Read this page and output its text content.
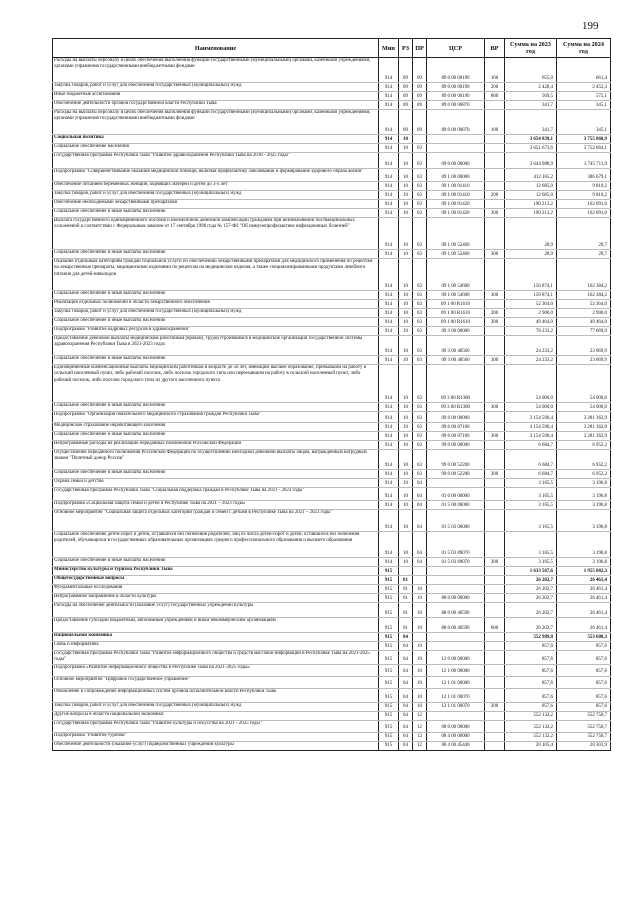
199
Наименование	Мин	РЗ	ПР	ЦСР	ВР	Сумма на 2023 год	Сумма на 2024 год
Расходы на выплаты персоналу в целях обеспечения выполнения функций государственными (муниципальными) органами, казенными учреждениями, органами управления государственными внебюджетными фондами	914	09	09	89 0 00 00190	100	655,0	661,4
Закупка товаров, работ и услуг для обеспечения государственных (муниципальных) нужд	914	09	09	89 0 00 00190	200	2 428,4	2 452,3
Иные бюджетные ассигнования	914	09	09	89 0 00 00190	800	569,5	575,1
Обеспечение деятельности органов государственной власти Республики Тыва	914	09	09	89 0 00 00870		341,7	345,1
Расходы на выплаты персоналу в целях обеспечения выполнения функций государственными (муниципальными) органами, казенными учреждениями, органами управления государственными внебюджетными фондами	914	09	09	89 0 00 00870	100	341,7	345,1
Социальная политика	914	10				3 654 839,1	3 755 860,9
Социальное обеспечение населения	914	10	03			3 651 673,6	3 752 664,1
Государственная программа Республики Тыва "Развитие здравоохранения Республики Тыва на 2018 - 2025 годы"	914	10	03	09 0 00 00000		3 644 988,9	3 745 711,9
Подпрограмма "Совершенствование оказания медицинской помощи, включая профилактику заболеваний и формирование здорового образа жизни"	914	10	03	09 1 00 00000		412 165,2	386 679,1
Обеспечение питанием беременных женщин, кормящих матерей и детей до 3-х лет	914	10	03	09 1 00 01410		12 685,0	9 810,2
Закупка товаров, работ и услуг для обеспечения государственных (муниципальных) нужд	914	10	03	09 1 00 01410	200	12 685,0	9 810,2
Обеспечение необходимыми лекарственными препаратами	914	10	03	09 1 00 01420		190 213,2	162 091,0
Социальное обеспечение и иные выплаты населению	914	10	03	09 1 00 01420	300	190 213,2	162 091,0
Выплата государственного единовременного пособия и ежемесячной денежной компенсации гражданам при возникновении поствакцинальных осложнений в соответствии с Федеральным законом от 17 сентября 1998 года № 157-ФЗ "Об иммунопрофилактике инфекционных болезней"	914	10	03	09 1 00 52400		28,9	29,7
Социальное обеспечение и иные выплаты населению	914	10	03	09 1 00 52400	300	28,9	29,7
Оказание отдельным категориям граждан социальной услуги по обеспечению лекарственными препаратами для медицинского применения по рецептам на лекарственные препараты, медицинскими изделиями по рецептам на медицинские изделия, а также специализированными продуктами лечебного питания для детей-инвалидов	914	10	03	09 1 00 54600		156 874,1	162 384,2
Социальное обеспечение и иные выплаты населению	914	10	03	09 1 00 54600	300	156 874,1	162 384,2
Реализация отдельных полномочий в области лекарственного обеспечения	914	10	03	09 1 00 R1610		52 364,0	52 364,0
Закупка товаров, работ и услуг для обеспечения государственных (муниципальных) нужд	914	10	03	09 1 00 R1610	200	2 900,0	2 900,0
Социальное обеспечение и иные выплаты населению	914	10	03	09 1 00 R1610	300	49 464,0	49 464,0
Подпрограмма "Развитие кадровых ресурсов в здравоохранении"	914	10	03	09 3 00 00000		78 233,2	77 669,9
Предоставление денежной выплаты медицинским работникам (врачам), трудоустроившимся в медицинские организации государственной системы здравоохранения Республики Тыва в 2021-2023 годах	914	10	03	09 3 00 48560		24 233,2	23 669,9
Социальное обеспечение и иные выплаты населению	914	10	03	09 3 00 48560	300	24 233,2	23 669,9
Единовременные компенсационные выплаты медицинским работникам в возрасте до 50 лет, имеющим высшее образование, прибывшим на работу в сельский населенный пункт, либо рабочий поселок, либо поселок городского типа или переехавшим на работу в сельский населенный пункт, либо рабочий поселок, либо поселок городского типа из другого населенного пункта	914	10	03	09 3 00 R1380		54 000,0	54 000,0
Социальное обеспечение и иные выплаты населению	914	10	03	09 3 00 R1380	300	54 000,0	54 000,0
Подпрограмма "Организация обязательного медицинского страхования граждан Республики Тыва"	914	10	03	09 6 00 00000		3 154 590,4	3 281 362,9
Медицинское страхование неработающего населения	914	10	03	09 6 00 87100		3 154 590,4	3 281 362,9
Социальное обеспечение и иные выплаты населению	914	10	03	09 6 00 87100	300	3 154 590,4	3 281 362,9
Непрограммные расходы на реализацию переданных полномочий Российской Федерации	914	10	03	99 0 00 00000		6 684,7	6 952,2
Осуществление переданного полномочия Российской Федерации по осуществлению ежегодной денежной выплаты лицам, награжденным нагрудным знаком "Почетный донор России"	914	10	03	99 0 00 52200		6 684,7	6 952,2
Социальное обеспечение и иные выплаты населению	914	10	03	99 0 00 52200	300	6 684,7	6 952,2
Охрана семьи и детства	914	10	04			3 165,5	3 196,8
Государственная программа Республики Тыва "Социальная поддержка граждан в Республике Тыва на 2021 - 2023 годы"	914	10	04	01 0 00 00000		3 165,5	3 196,8
Подпрограмма «Социальная защита семьи и детей в Республике Тыва на 2021 – 2023 годы»	914	10	04	01 5 00 00000		3 165,5	3 196,8
Основное мероприятие "Социальная защита отдельных категорий граждан и семей с детьми в Республике Тыва на 2021 – 2023 годы"	914	10	04	01 5 03 00000		3 165,5	3 196,8
Социальное обеспечение детей-сирот и детей, оставшихся без попечения родителей, лиц из числа детей-сирот и детей, оставшихся без попечения родителей, обучающихся в государственных образовательных организациях среднего профессионального образования и высшего образования	914	10	04	01 5 03 89070		3 165,5	3 196,8
Социальное обеспечение и иные выплаты населению	914	10	04	01 5 03 89070	300	3 165,5	3 196,8
Министерство культуры и туризма Республики Тыва	915					1 633 567,6	1 955 082,3
Общегосударственные вопросы	915	01				26 202,7	26 461,4
Фундаментальные исследования	915	01	10			26 202,7	26 461,4
Непрограммное направление в области культуры	915	01	10	88 0 00 00000		26 202,7	26 461,4
Расходы на обеспечение деятельности (оказание услуг) государственных учреждений культуры	915	01	10	88 0 00 40590		26 202,7	26 461,4
Предоставление субсидий бюджетным, автономным учреждениям и иным некоммерческим организациям	915	01	10	88 0 00 40590	600	26 202,7	26 461,4
Национальная экономика	915	04				552 989,8	553 608,3
Связь и информатика	915	04	10			857,6	857,6
Государственная программа Республики Тыва "Развитие информационного общества и средств массовой информации в Республике Тыва на 2021-2025 годы"	915	04	10	12 0 00 00000		857,6	857,6
Подпрограмма «Развитие информационного общества в Республике Тыва на 2021-2025 годы»	915	04	10	12 1 00 00000		857,6	857,6
Основное мероприятие "Цифровое государственное управление"	915	04	10	12 1 01 00000		857,6	857,6
Обновление и сопровождение информационных систем органов исполнительной власти Республики Тыва	915	04	10	12 1 01 00070		857,6	857,6
Закупка товаров, работ и услуг для обеспечения государственных (муниципальных) нужд	915	04	10	12 1 01 00070	200	857,6	857,6
Другие вопросы в области национальной экономики	915	04	12			552 132,2	552 750,7
Государственная программа Республики Тыва "Развитие культуры и искусства на 2021 - 2025 годы"	915	04	12	08 0 00 00000		552 132,2	552 750,7
Подпрограмма "Развитие туризма"	915	04	12	08 4 00 00000		552 132,2	552 750,7
Обеспечение деятельности (оказание услуг) подведомственных учреждений культуры	915	04	12	08 4 00 45440		20 105,4	20 303,9
